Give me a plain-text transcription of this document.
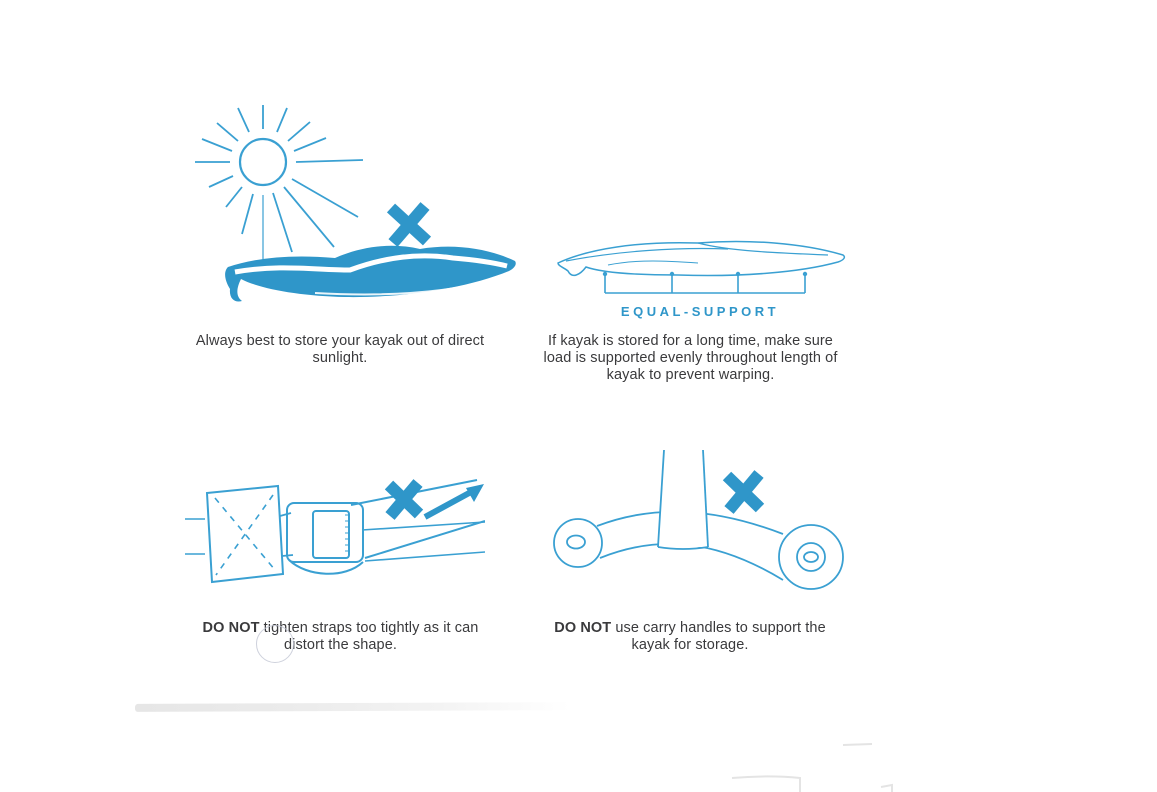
EQUAL-SUPPORT

Always best to store your kayak out of direct sunlight.

If kayak is stored for a long time, make sure load is supported evenly throughout length of kayak to prevent warping.

DO NOT tighten straps too tightly as it can distort the shape.

DO NOT use carry handles to support the kayak for storage.
